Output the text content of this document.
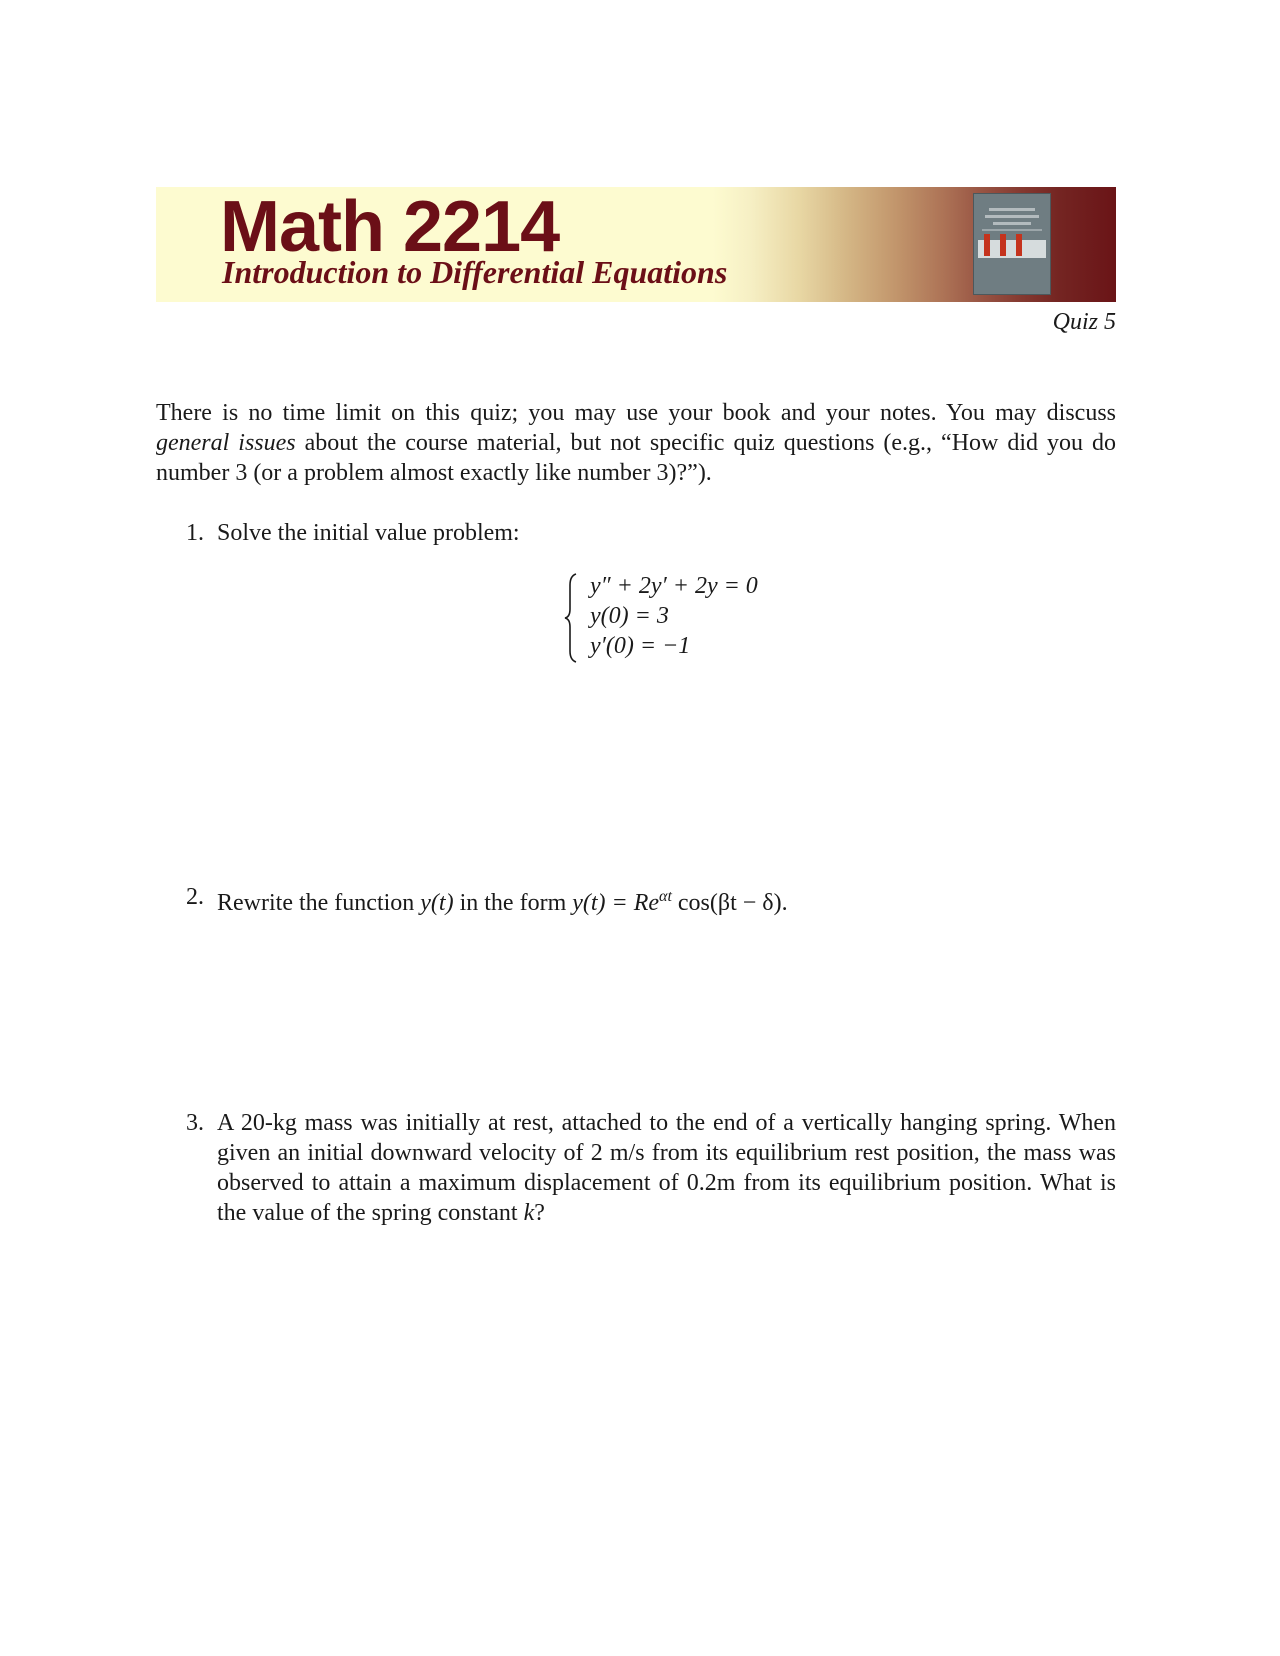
Math 2214
Introduction to Differential Equations
Quiz 5
There is no time limit on this quiz; you may use your book and your notes. You may discuss general issues about the course material, but not specific quiz questions (e.g., “How did you do number 3 (or a problem almost exactly like number 3)?”).
1. Solve the initial value problem:
y″ + 2y′ + 2y = 0
y(0) = 3
y′(0) = −1
2. Rewrite the function y(t) in the form $y(t) = Re^{\alpha t}$ cos(βt − δ).
3. A 20-kg mass was initially at rest, attached to the end of a vertically hanging spring. When given an initial downward velocity of 2 m/s from its equilibrium rest position, the mass was observed to attain a maximum displacement of 0.2m from its equilibrium position. What is the value of the spring constant k?
